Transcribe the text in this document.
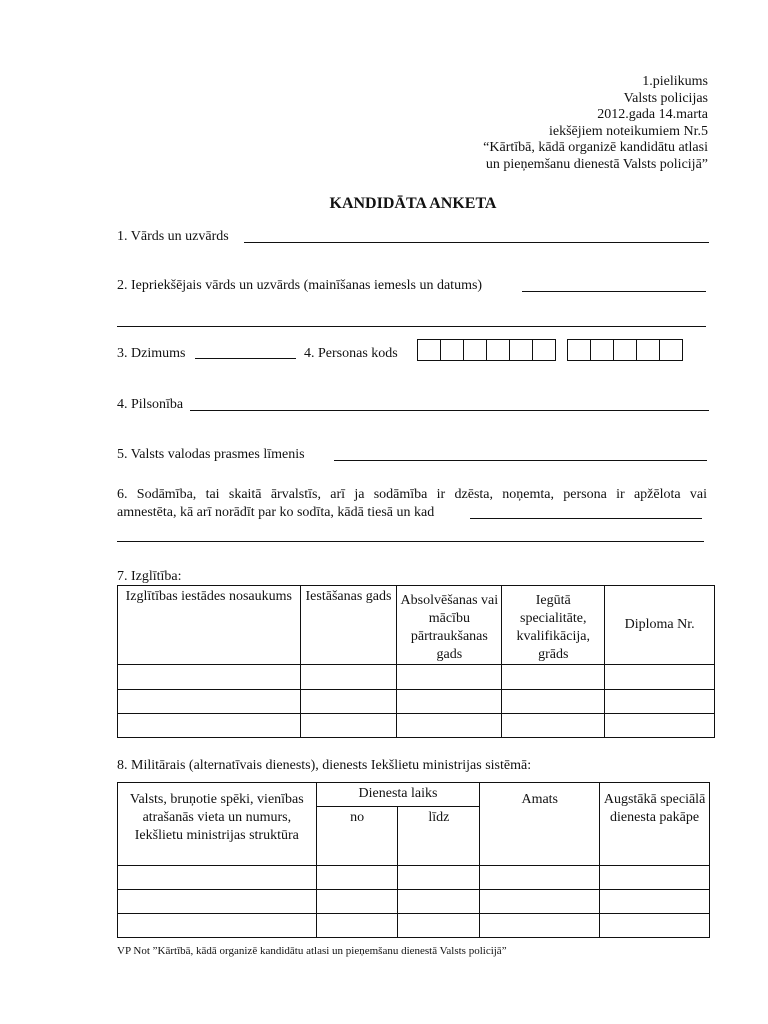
1.pielikums
Valsts policijas
2012.gada 14.marta
iekšējiem noteikumiem Nr.5
“Kārtībā, kādā organizē kandidātu atlasi
un pieņemšanu dienestā Valsts policijā”
KANDIDĀTA ANKETA
1. Vārds un uzvārds
2. Iepriekšējais vārds un uzvārds (mainīšanas iemesls un datums)
3. Dzimums	4. Personas kods
4. Pilsonība
5. Valsts valodas prasmes līmenis
6. Sodāmība, tai skaitā ārvalstīs, arī ja sodāmība ir dzēsta, noņemta, persona ir apžēlota vai
amnestēta, kā arī norādīt par ko sodīta, kādā tiesā un kad
7. Izglītība:
Izglītības iestādes nosaukums	Iestāšanas gads	Absolvēšanas vai mācību pārtraukšanas gads	Iegūtā specialitāte, kvalifikācija, grāds	Diploma Nr.

8. Militārais (alternatīvais dienests), dienests Iekšlietu ministrijas sistēmā:
Valsts, bruņotie spēki, vienības atrašanās vieta un numurs, Iekšlietu ministrijas struktūra	Dienesta laiks		Amats	Augstākā speciālā dienesta pakāpe
	no	līdz		

VP Not ”Kārtībā, kādā organizē kandidātu atlasi un pieņemšanu dienestā Valsts policijā”
